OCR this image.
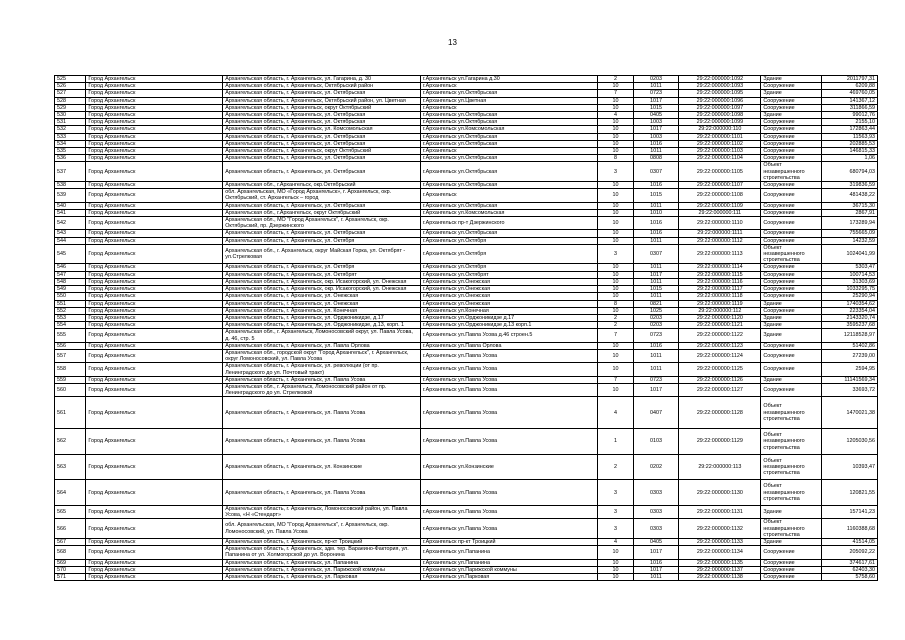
13
525	Город Архангельск	Архангельская область, г. Архангельск, ул. Гагарина, д. 30	г.Архангельск ул.Гагарина д.30	2	0203	29:22:000000:1092	Здание	2011797,31
526	Город Архангельск	Архангельская область, г. Архангельск, Октябрьский район	г.Архангельск	10	1011	29:22:000000:1093	Сооружение	6209,88
527	Город Архангельск	Архангельская область, г. Архангельск, ул. Октябрьская	г.Архангельск ул.Октябрьская	7	0723	29:22:000000:1095	Здание	469760,05
528	Город Архангельск	Архангельская область, г. Архангельск, Октябрьский район, ул. Цветная	г.Архангельск ул.Цветная	10	1017	29:22:000000:1096	Сооружение	141367,12
529	Город Архангельск	Архангельская область, г. Архангельск, округ Октябрьский	г.Архангельск	10	1015	29:22:000000:1097	Сооружение	311866,59
530	Город Архангельск	Архангельская область, г. Архангельск, ул. Октябрьская	г.Архангельск ул.Октябрьская	4	0405	29:22:000000:1098	Здание	99012,76
531	Город Архангельск	Архангельская область, г. Архангельск, ул. Октябрьская	г.Архангельск ул.Октябрьская	10	1003	29:22:000000:1099	Сооружение	2155,10
532	Город Архангельск	Архангельская область, г. Архангельск, ул. Комсомольская	г.Архангельск ул.Комсомольская	10	1017	29:22:000000:110	Сооружение	172863,44
533	Город Архангельск	Архангельская область, г. Архангельск, ул. Октябрьская	г.Архангельск ул.Октябрьская	10	1003	29:22:000000:1101	Сооружение	11563,93
534	Город Архангельск	Архангельская область, г. Архангельск, ул. Октябрьская	г.Архангельск ул.Октябрьская	10	1016	29:22:000000:1102	Сооружение	202885,53
535	Город Архангельск	Архангельская область, г. Архангельск, округ Октябрьский	г.Архангельск	10	1011	29:22:000000:1103	Сооружение	146815,33
536	Город Архангельск	Архангельская область, г. Архангельск, ул. Октябрьская	г.Архангельск ул.Октябрьская	8	0808	29:22:000000:1104	Сооружение	1,06
537	Город Архангельск	Архангельская область, г. Архангельск, ул. Октябрьская	г.Архангельск ул.Октябрьская	3	0307	29:22:000000:1105	Объект незавершенного строительства	680794,03
538	Город Архангельск	Архангельская обл., г.Архангельск, окр.Октябрьский	г.Архангельск ул.Октябрьская	10	1016	29:22:000000:1107	Сооружение	319836,59
539	Город Архангельск	обл. Архангельская, МО «Город Архангельск», г. Архангельск, окр. Октябрьский, ст. Архангельск – город	г.Архангельск	10	1015	29:22:000000:1108	Сооружение	481438,22
540	Город Архангельск	Архангельская область, г. Архангельск, ул. Октябрьская	г.Архангельск ул.Октябрьская	10	1011	29:22:000000:1109	Сооружение	36715,30
541	Город Архангельск	Архангельская обл., г.Архангельск, округ Октябрьский	г.Архангельск ул.Комсомольская	10	1010	29:22:000000:111	Сооружение	2867,91
542	Город Архангельск	Архангельская обл., МО "Город Архангельск", г. Архангельск, окр. Октябрьский, пр. Дзержинского	г.Архангельск пр-т Дзержинского	10	1016	29:22:000000:1110	Сооружение	173289,94
543	Город Архангельск	Архангельская область, г. Архангельск, ул. Октябрьская	г.Архангельск ул.Октябрьская	10	1016	29:22:000000:1111	Сооружение	755665,09
544	Город Архангельск	Архангельская область, г. Архангельск, ул. Октября	г.Архангельск ул.Октября	10	1011	29:22:000000:1112	Сооружение	14232,59
545	Город Архангельск	Архангельская обл., г. Архангельск, округ Майская Горка, ул. Октябрят - ул.Стрелковая	г.Архангельск ул.Октября	3	0307	29:22:000000:1113	Объект незавершенного строительства	1024041,99
546	Город Архангельск	Архангельская область, г. Архангельск, ул. Октября	г.Архангельск ул.Октября	10	1011	29:22:000000:1114	Сооружение	5303,47
547	Город Архангельск	Архангельская область, г. Архангельск, ул. Октябрят	г.Архангельск ул.Октябрят	10	1017	29:22:000000:1115	Сооружение	100714,53
548	Город Архангельск	Архангельская область, г. Архангельск, окр. Исакогорский, ул. Онежская	г.Архангельск ул.Онежская	10	1011	29:22:000000:1116	Сооружение	31303,69
549	Город Архангельск	Архангельская область, г. Архангельск, окр. Исакогорский, ул. Онежская	г.Архангельск ул.Онежская	10	1015	29:22:000000:1117	Сооружение	1033295,75
550	Город Архангельск	Архангельская область, г. Архангельск, ул. Онежская	г.Архангельск ул.Онежская	10	1011	29:22:000000:1118	Сооружение	25290,94
551	Город Архангельск	Архангельская область, г. Архангельск, ул. Онежская	г.Архангельск ул.Онежская	8	0821	29:22:000000:1119	Здание	1740354,62
552	Город Архангельск	Архангельская область, г. Архангельск, ул. Конечная	г.Архангельск ул.Конечная	10	1025	29:22:000000:112	Сооружение	223354,04
553	Город Архангельск	Архангельская область, г. Архангельск, ул. Орджоникидзе, д.17	г.Архангельск ул.Орджоникидзе д.17	2	0203	29:22:000000:1120	Здание	2143320,74
554	Город Архангельск	Архангельская область, г. Архангельск, ул. Орджоникидзе, д.13, корп. 1	г.Архангельск ул.Орджоникидзе д.13 корп.1	2	0203	29:22:000000:1121	Здание	3595237,68
555	Город Архангельск	Архангельская обл., г. Архангельск, Ломоносовский округ, ул. Павла Усова, д. 46, стр. 5	г.Архангельск ул.Павла Усова д.46 строен.5	7	0723	29:22:000000:1122	Здание	12118528,97
556	Город Архангельск	Архангельская область, г. Архангельск, ул. Павла Орлова	г.Архангельск ул.Павла Орлова	10	1016	29:22:000000:1123	Сооружение	51402,86
557	Город Архангельск	Архангельская обл., городской округ "Город Архангельск", г. Архангельск, округ Ломоносовский, ул. Павла Усова	г.Архангельск ул.Павла Усова	10	1011	29:22:000000:1124	Сооружение	27239,00
558	Город Архангельск	Архангельская область, г. Архангельск, ул. революции (от пр. Ленинградского до ул. Почтовый тракт)	г.Архангельск ул.Павла Усова	10	1011	29:22:000000:1125	Сооружение	2594,95
559	Город Архангельск	Архангельская область, г. Архангельск, ул. Павла Усова	г.Архангельск ул.Павла Усова	7	0723	29:22:000000:1126	Здание	11141569,34
560	Город Архангельск	Архангельская обл., г. Архангельск, Ломоносовский район от пр. Ленинградского до ул. Стрелковой	г.Архангельск ул.Павла Усова	10	1017	29:22:000000:1127	Сооружение	33693,72
561	Город Архангельск	Архангельская область, г. Архангельск, ул. Павла Усова	г.Архангельск ул.Павла Усова	4	0407	29:22:000000:1128	Объект незавершенного строительства	1470021,38
562	Город Архангельск	Архангельская область, г. Архангельск, ул. Павла Усова	г.Архангельск ул.Павла Усова	1	0103	29:22:000000:1129	Объект незавершенного строительства	1205030,56
563	Город Архангельск	Архангельская область, г. Архангельск, ул. Конзинские	г.Архангельск ул.Конзинские	2	0202	29:22:000000:113	Объект незавершенного строительства	10393,47
564	Город Архангельск	Архангельская область, г. Архангельск, ул. Павла Усова	г.Архангельск ул.Павла Усова	3	0303	29:22:000000:1130	Объект незавершенного строительства	120821,55
565	Город Архангельск	Архангельская область, г. Архангельск, Ломоносовский район, ул. Павла Усова, «Н «Стендарт»	г.Архангельск ул.Павла Усова	3	0303	29:22:000000:1131	Здание	157141,23
566	Город Архангельск	обл. Архангельская, МО "Город Архангельск", г. Архангельск, окр. Ломоносовский, ул. Павла Усова	г.Архангельск ул.Павла Усова	3	0303	29:22:000000:1132	Объект незавершенного строительства	1160388,68
567	Город Архангельск	Архангельская область, г. Архангельск, пр-кт Троицкий	г.Архангельск пр-кт Троицкий	4	0405	29:22:000000:1133	Здание	41514,05
568	Город Архангельск	Архангельская область, г. Архангельск, здм. тер. Вараеино-Фактория, ул. Папанина от ул. Холмогорской до ул. Воронина	г.Архангельск ул.Папанина	10	1017	29:22:000000:1134	Сооружение	205092,22
569	Город Архангельск	Архангельская область, г. Архангельск, ул. Папанина	г.Архангельск ул.Папанина	10	1016	29:22:000000:1135	Сооружение	374617,61
570	Город Архангельск	Архангельская область, г. Архангельск, ул. Парижской коммуны	г.Архангельск ул.Парижской коммуны	10	1017	29:22:000000:1137	Сооружение	62403,30
571	Город Архангельск	Архангельская область, г. Архангельск, ул. Парковая	г.Архангельск ул.Парковая	10	1011	29:22:000000:1138	Сооружение	5758,60
